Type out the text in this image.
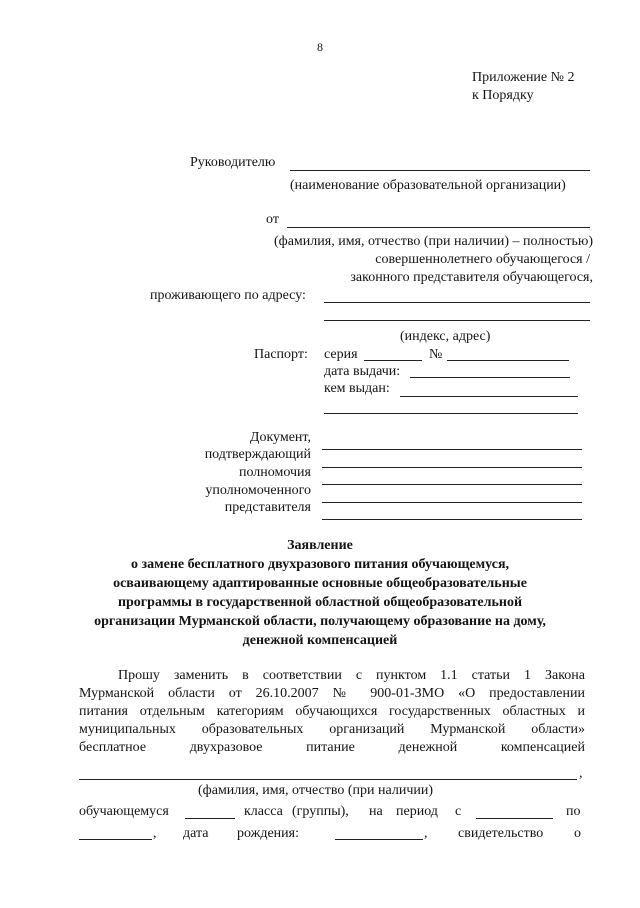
8
Приложение № 2
к Порядку
Руководителю
(наименование образовательной организации)
от
(фамилия, имя, отчество (при наличии) – полностью)
совершеннолетнего обучающегося /
законного представителя обучающегося,
проживающего по адресу:
(индекс, адрес)
Паспорт: серия	№
дата выдачи:
кем выдан:
Документ,
подтверждающий
полномочия
уполномоченного
представителя
Заявление
о замене бесплатного двухразового питания обучающемуся,
осваивающему адаптированные основные общеобразовательные
программы в государственной областной общеобразовательной
организации Мурманской области, получающему образование на дому,
денежной компенсацией
Прошу заменить в соответствии с пунктом 1.1 статьи 1 Закона
Мурманской области от 26.10.2007 № 900-01-ЗМО «О предоставлении
питания отдельным категориям обучающихся государственных областных и
муниципальных образовательных организаций Мурманской области»
бесплатное	двухразовое	питание	денежной	компенсацией
,
(фамилия, имя, отчество (при наличии)
обучающемуся	класса (группы), на период с	по
, дата рождения:	, свидетельство о
